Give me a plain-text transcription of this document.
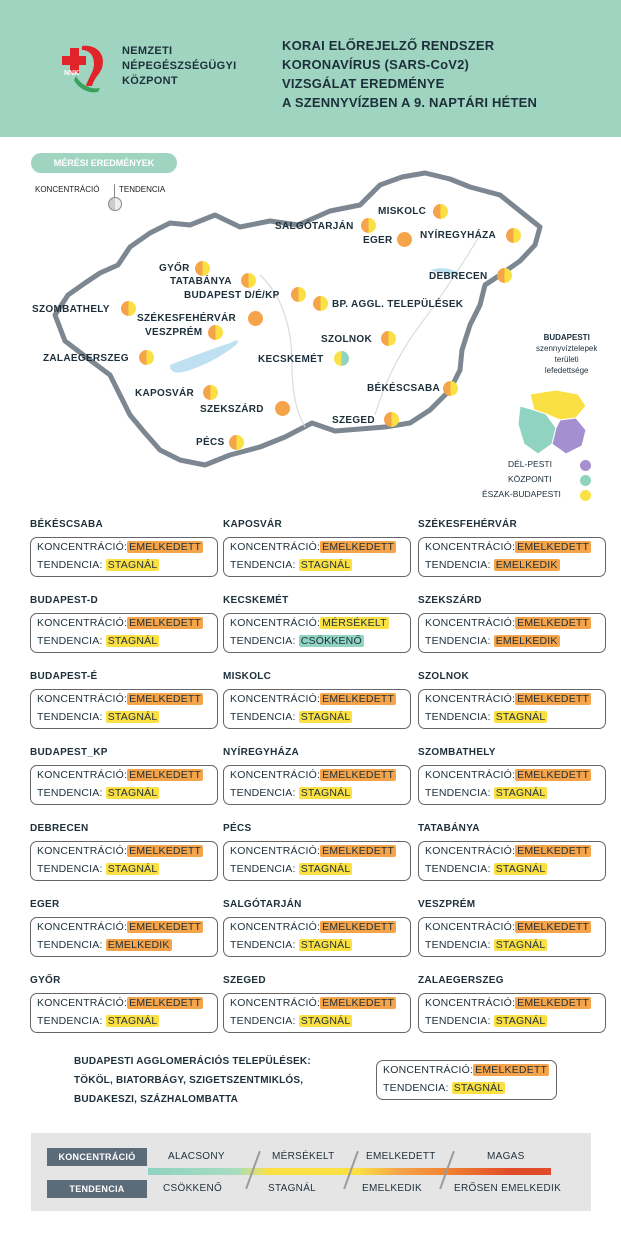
NNK
NEMZETI
NÉPEGÉSZSÉGÜGYI
KÖZPONT
KORAI ELŐREJELZŐ RENDSZER
KORONAVÍRUS (SARS-CoV2)
VIZSGÁLAT EREDMÉNYE
A SZENNYVÍZBEN A 9. NAPTÁRI HÉTEN
MÉRÉSI EREDMÉNYEK
KONCENTRÁCIÓ TENDENCIA
MISKOLC
SALGÓTARJÁN
EGER	NYÍREGYHÁZA
GYŐR
TATABÁNYA	DEBRECEN
BUDAPEST D/É/KP
BP. AGGL. TELEPÜLÉSEK
SZOMBATHELY
SZÉKESFEHÉRVÁR
VESZPRÉM
SZOLNOK
ZALAEGERSZEG	KECSKEMÉT
BÉKÉSCSABA
KAPOSVÁR
SZEKSZÁRD
SZEGED
PÉCS
BUDAPESTI
szennyvíztelepek
területi
lefedettsége
DÉL-PESTI
KÖZPONTI
ÉSZAK-BUDAPESTI
BÉKÉSCSABA
KONCENTRÁCIÓ: EMELKEDETT
TENDENCIA: STAGNÁL
KAPOSVÁR
KONCENTRÁCIÓ: EMELKEDETT
TENDENCIA: STAGNÁL
SZÉKESFEHÉRVÁR
KONCENTRÁCIÓ: EMELKEDETT
TENDENCIA: EMELKEDIK
BUDAPEST-D
KONCENTRÁCIÓ: EMELKEDETT
TENDENCIA: STAGNÁL
KECSKEMÉT
KONCENTRÁCIÓ: MÉRSÉKELT
TENDENCIA: CSÖKKENŐ
SZEKSZÁRD
KONCENTRÁCIÓ: EMELKEDETT
TENDENCIA: EMELKEDIK
BUDAPEST-É
KONCENTRÁCIÓ: EMELKEDETT
TENDENCIA: STAGNÁL
MISKOLC
KONCENTRÁCIÓ: EMELKEDETT
TENDENCIA: STAGNÁL
SZOLNOK
KONCENTRÁCIÓ: EMELKEDETT
TENDENCIA: STAGNÁL
BUDAPEST_KP
KONCENTRÁCIÓ: EMELKEDETT
TENDENCIA: STAGNÁL
NYÍREGYHÁZA
KONCENTRÁCIÓ: EMELKEDETT
TENDENCIA: STAGNÁL
SZOMBATHELY
KONCENTRÁCIÓ: EMELKEDETT
TENDENCIA: STAGNÁL
DEBRECEN
KONCENTRÁCIÓ: EMELKEDETT
TENDENCIA: STAGNÁL
PÉCS
KONCENTRÁCIÓ: EMELKEDETT
TENDENCIA: STAGNÁL
TATABÁNYA
KONCENTRÁCIÓ: EMELKEDETT
TENDENCIA: STAGNÁL
EGER
KONCENTRÁCIÓ: EMELKEDETT
TENDENCIA: EMELKEDIK
SALGÓTARJÁN
KONCENTRÁCIÓ: EMELKEDETT
TENDENCIA: STAGNÁL
VESZPRÉM
KONCENTRÁCIÓ: EMELKEDETT
TENDENCIA: STAGNÁL
GYŐR
KONCENTRÁCIÓ: EMELKEDETT
TENDENCIA: STAGNÁL
SZEGED
KONCENTRÁCIÓ: EMELKEDETT
TENDENCIA: STAGNÁL
ZALAEGERSZEG
KONCENTRÁCIÓ: EMELKEDETT
TENDENCIA: STAGNÁL
BUDAPESTI AGGLOMERÁCIÓS TELEPÜLÉSEK:
TÖKÖL, BIATORBÁGY, SZIGETSZENTMIKLÓS,
BUDAKESZI, SZÁZHALOMBATTA
KONCENTRÁCIÓ: EMELKEDETT
TENDENCIA: STAGNÁL
KONCENTRÁCIÓ
TENDENCIA
ALACSONY	MÉRSÉKELT	EMELKEDETT	MAGAS
CSÖKKENŐ	STAGNÁL	EMELKEDIK	ERŐSEN EMELKEDIK
